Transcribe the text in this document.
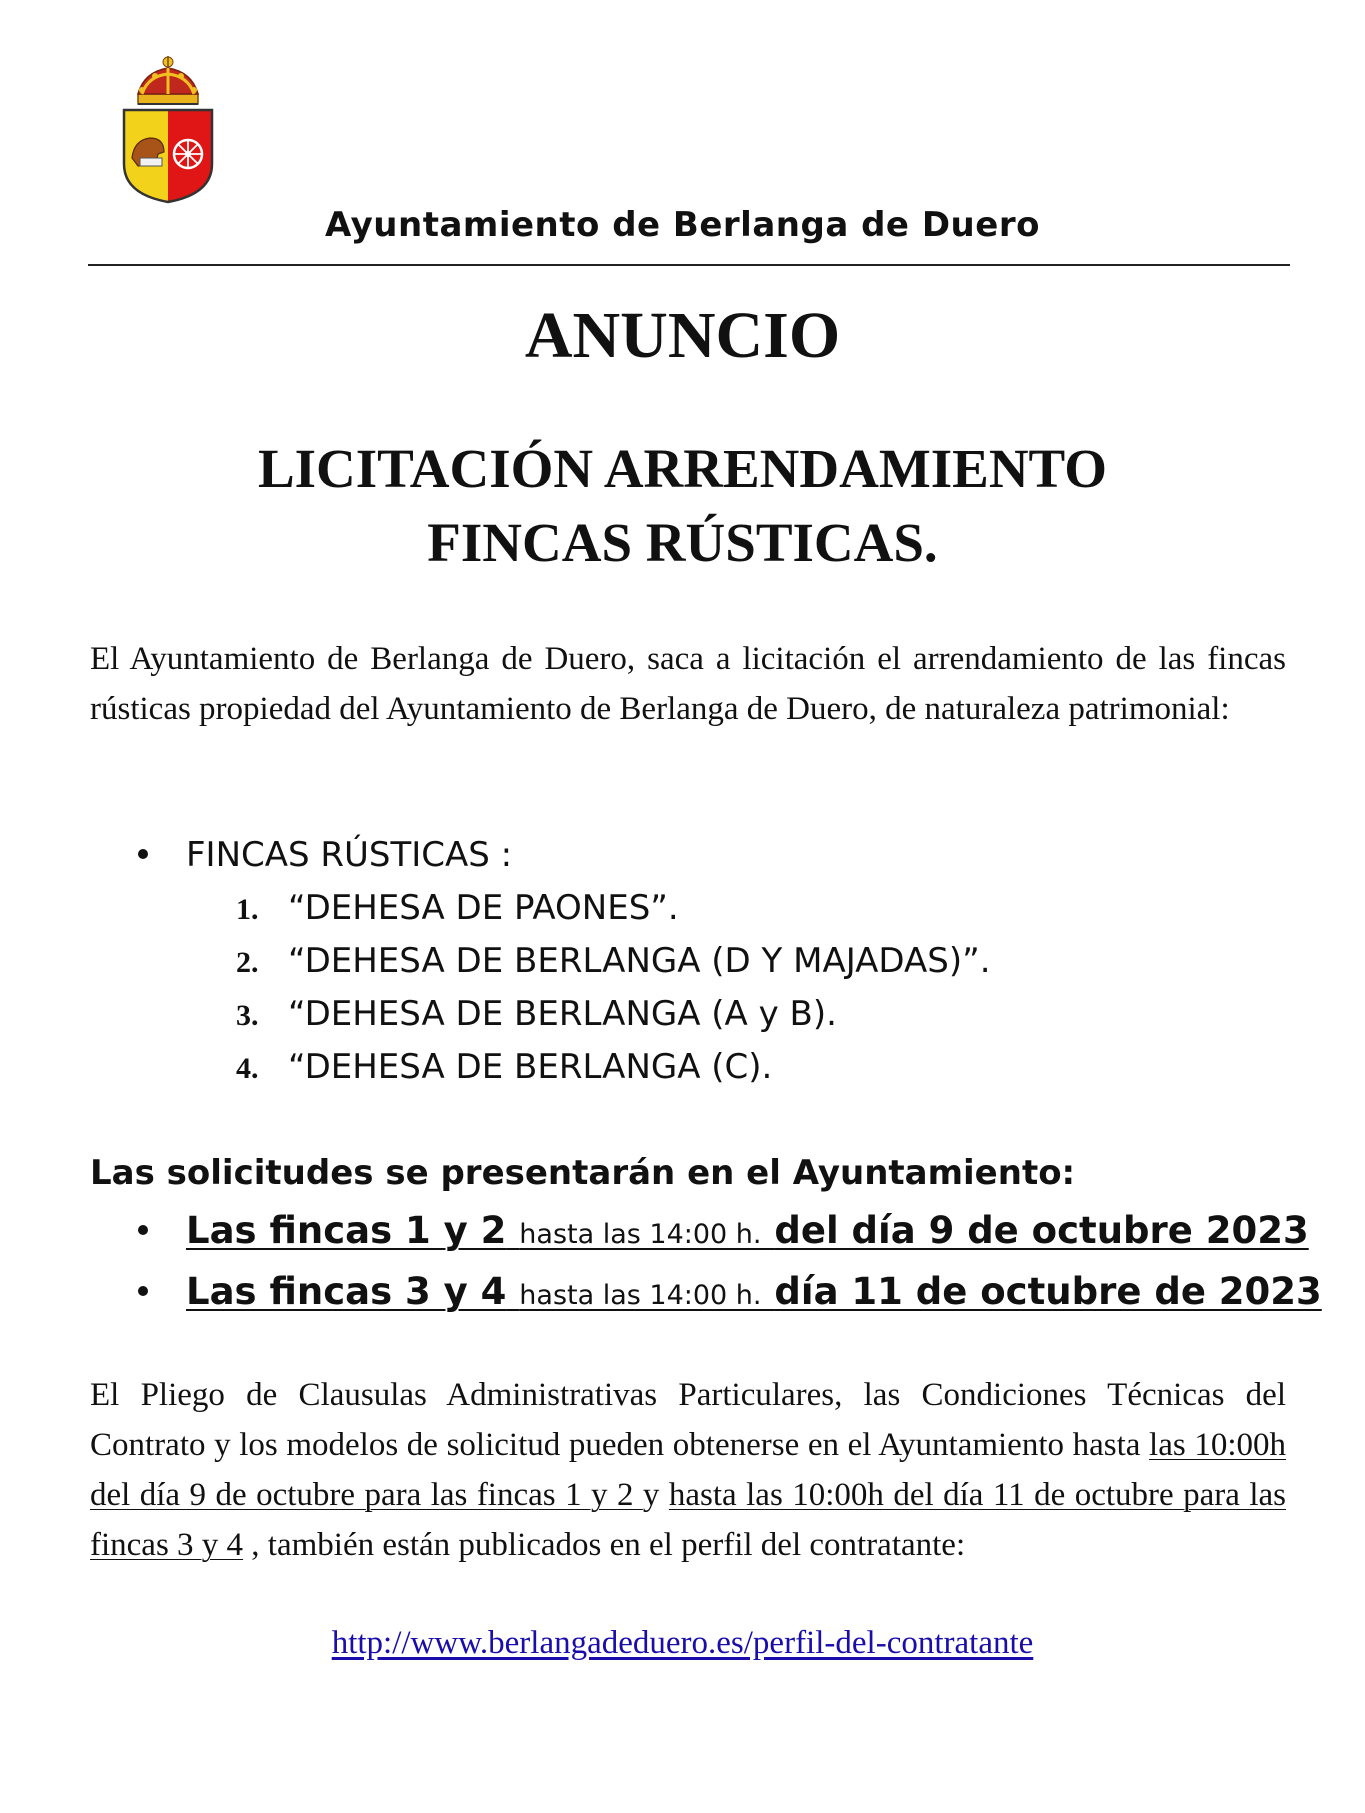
Ayuntamiento de Berlanga de Duero
ANUNCIO
LICITACIÓN ARRENDAMIENTO
FINCAS RÚSTICAS.

El Ayuntamiento de Berlanga de Duero, saca a licitación el arrendamiento de las fincas rústicas propiedad del Ayuntamiento de Berlanga de Duero, de naturaleza patrimonial:

FINCAS RÚSTICAS :
1. “DEHESA DE PAONES”.
2. “DEHESA DE BERLANGA (D Y MAJADAS)”.
3. “DEHESA DE BERLANGA (A y B).
4. “DEHESA DE BERLANGA (C).
Las solicitudes se presentarán en el Ayuntamiento:
Las fincas 1 y 2 hasta las 14:00 h. del día 9 de octubre 2023
Las fincas 3 y 4 hasta las 14:00 h. día 11 de octubre de 2023

El Pliego de Clausulas Administrativas Particulares, las Condiciones Técnicas del Contrato y los modelos de solicitud pueden obtenerse en el Ayuntamiento hasta las 10:00h del día 9 de octubre para las fincas 1 y 2 y hasta las 10:00h del día 11 de octubre para las fincas 3 y 4 , también están publicados en el perfil del contratante:

http://www.berlangadeduero.es/perfil-del-contratante
